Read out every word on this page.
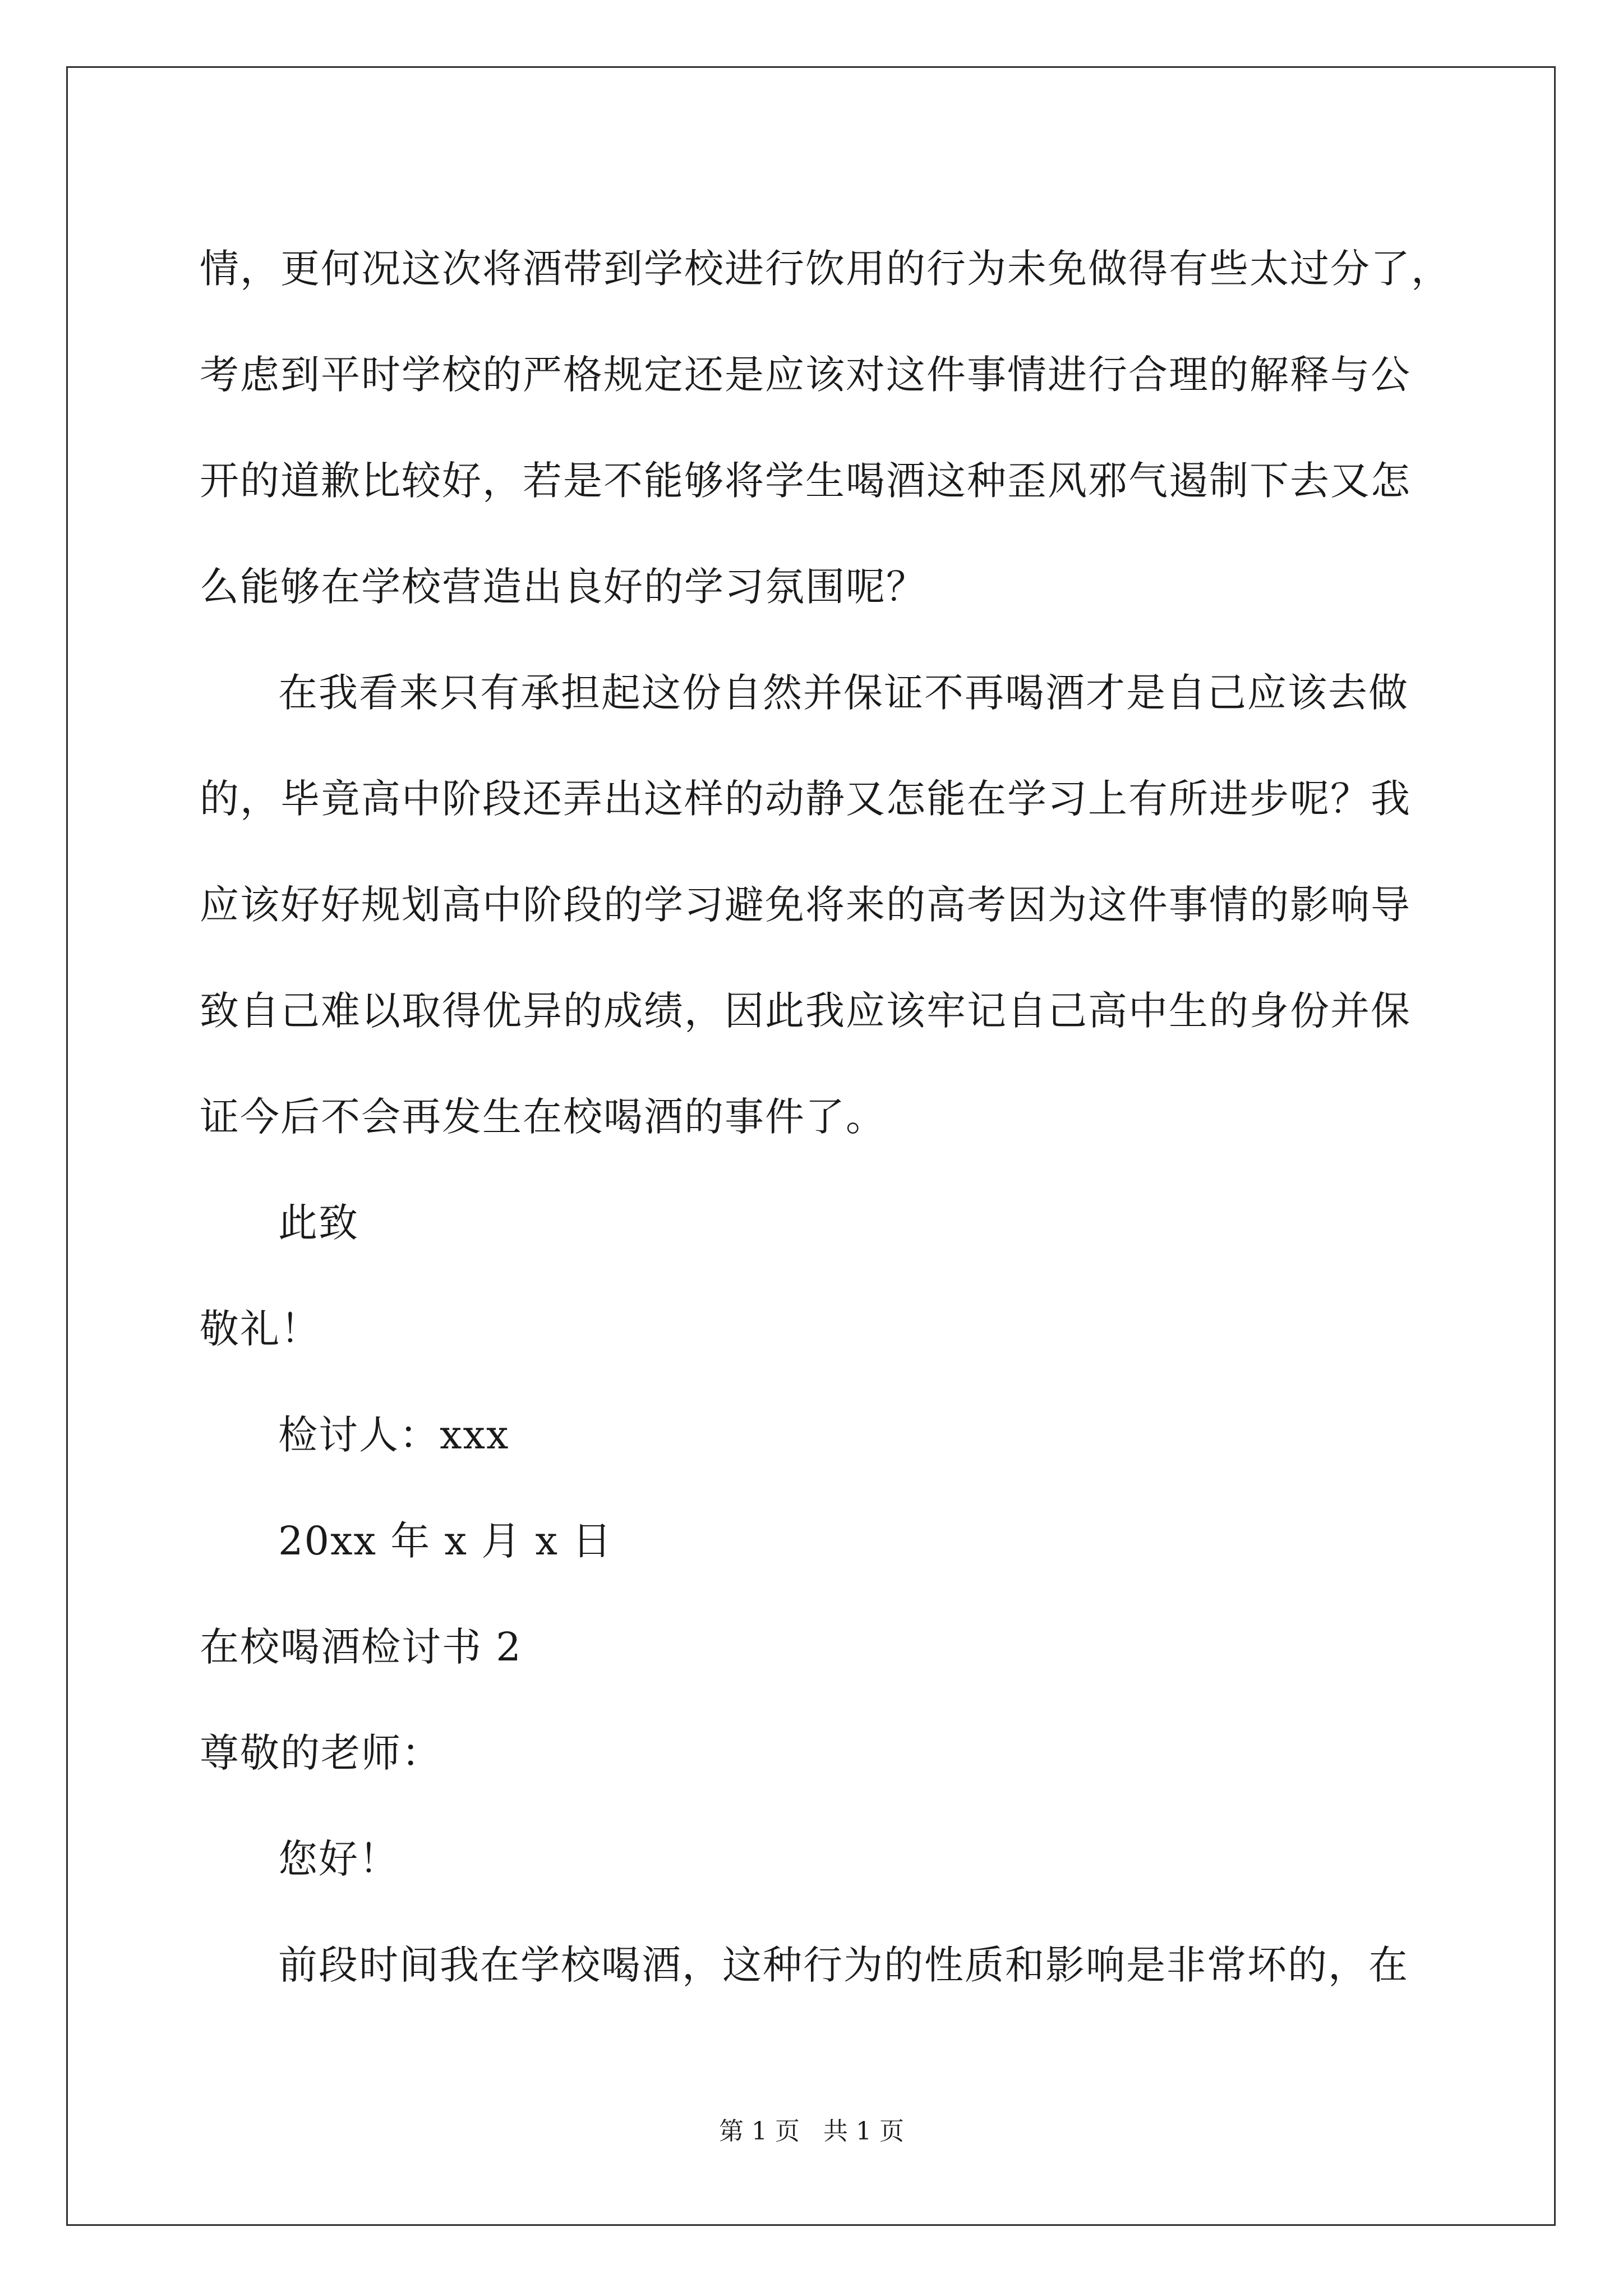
情，更何况这次将酒带到学校进行饮用的行为未免做得有些太过分了，
考虑到平时学校的严格规定还是应该对这件事情进行合理的解释与公
开的道歉比较好，若是不能够将学生喝酒这种歪风邪气遏制下去又怎
么能够在学校营造出良好的学习氛围呢？
在我看来只有承担起这份自然并保证不再喝酒才是自己应该去做
的，毕竟高中阶段还弄出这样的动静又怎能在学习上有所进步呢？我
应该好好规划高中阶段的学习避免将来的高考因为这件事情的影响导
致自己难以取得优异的成绩，因此我应该牢记自己高中生的身份并保
证今后不会再发生在校喝酒的事件了。
此致
敬礼！
检讨人：xxx
20xx 年 x 月 x 日
在校喝酒检讨书 2
尊敬的老师：
您好！
前段时间我在学校喝酒，这种行为的性质和影响是非常坏的，在
第 1 页   共 1 页
